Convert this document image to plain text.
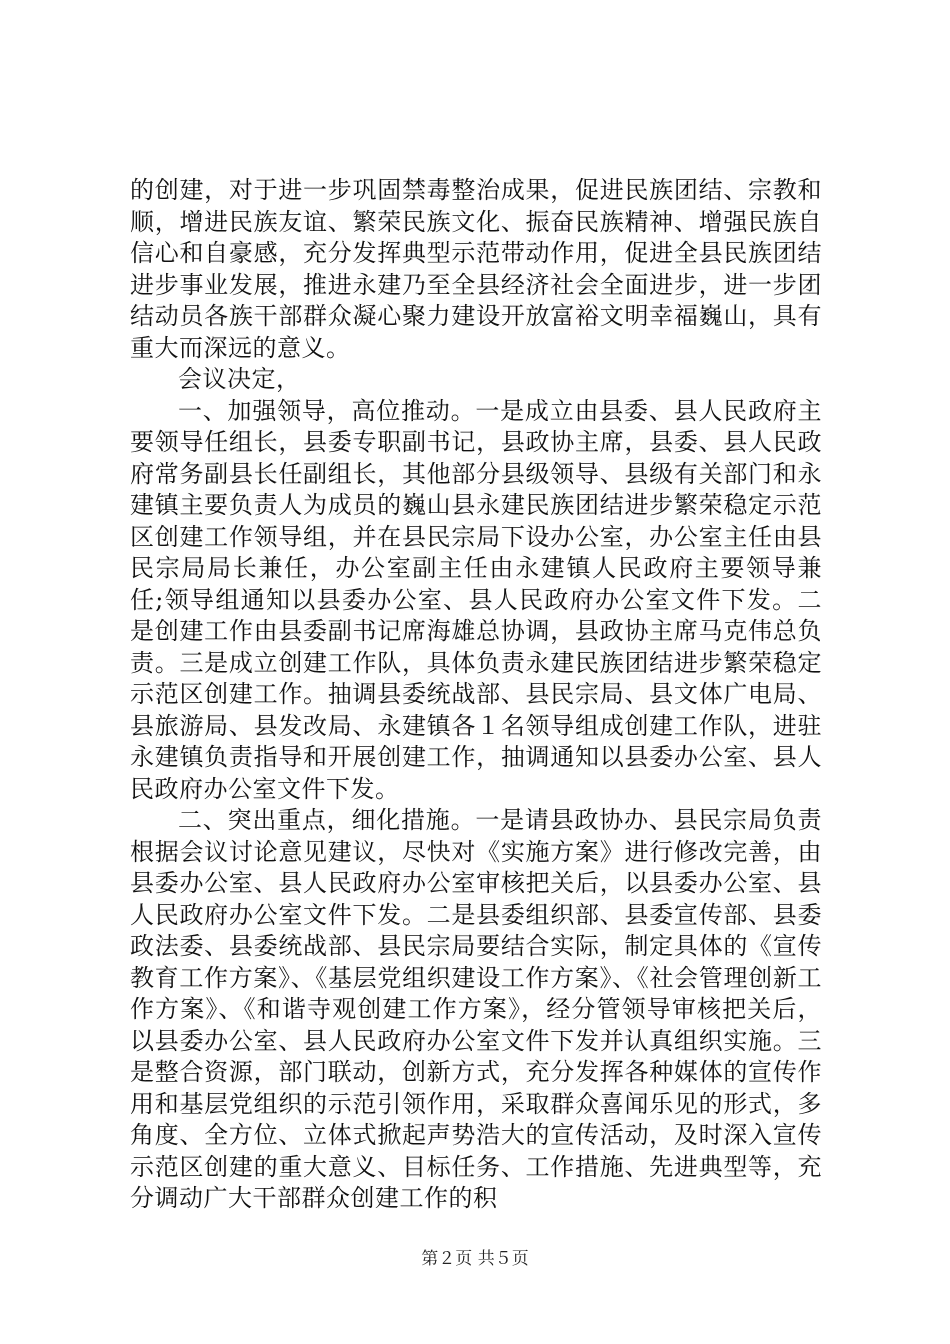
的创建，对于进一步巩固禁毒整治成果，促进民族团结、宗教和顺，增进民族友谊、繁荣民族文化、振奋民族精神、增强民族自信心和自豪感，充分发挥典型示范带动作用，促进全县民族团结进步事业发展，推进永建乃至全县经济社会全面进步，进一步团结动员各族干部群众凝心聚力建设开放富裕文明幸福巍山，具有重大而深远的意义。

会议决定，

一、加强领导，高位推动。一是成立由县委、县人民政府主要领导任组长，县委专职副书记，县政协主席，县委、县人民政府常务副县长任副组长，其他部分县级领导、县级有关部门和永建镇主要负责人为成员的巍山县永建民族团结进步繁荣稳定示范区创建工作领导组，并在县民宗局下设办公室，办公室主任由县民宗局局长兼任，办公室副主任由永建镇人民政府主要领导兼任;领导组通知以县委办公室、县人民政府办公室文件下发。二是创建工作由县委副书记席海雄总协调，县政协主席马克伟总负责。三是成立创建工作队，具体负责永建民族团结进步繁荣稳定示范区创建工作。抽调县委统战部、县民宗局、县文体广电局、县旅游局、县发改局、永建镇各１名领导组成创建工作队，进驻永建镇负责指导和开展创建工作，抽调通知以县委办公室、县人民政府办公室文件下发。

二、突出重点，细化措施。一是请县政协办、县民宗局负责根据会议讨论意见建议，尽快对《实施方案》进行修改完善，由县委办公室、县人民政府办公室审核把关后，以县委办公室、县人民政府办公室文件下发。二是县委组织部、县委宣传部、县委政法委、县委统战部、县民宗局要结合实际，制定具体的《宣传教育工作方案》、《基层党组织建设工作方案》、《社会管理创新工作方案》、《和谐寺观创建工作方案》，经分管领导审核把关后，以县委办公室、县人民政府办公室文件下发并认真组织实施。三是整合资源，部门联动，创新方式，充分发挥各种媒体的宣传作用和基层党组织的示范引领作用，采取群众喜闻乐见的形式，多角度、全方位、立体式掀起声势浩大的宣传活动，及时深入宣传示范区创建的重大意义、目标任务、工作措施、先进典型等，充分调动广大干部群众创建工作的积

第２页 共５页
